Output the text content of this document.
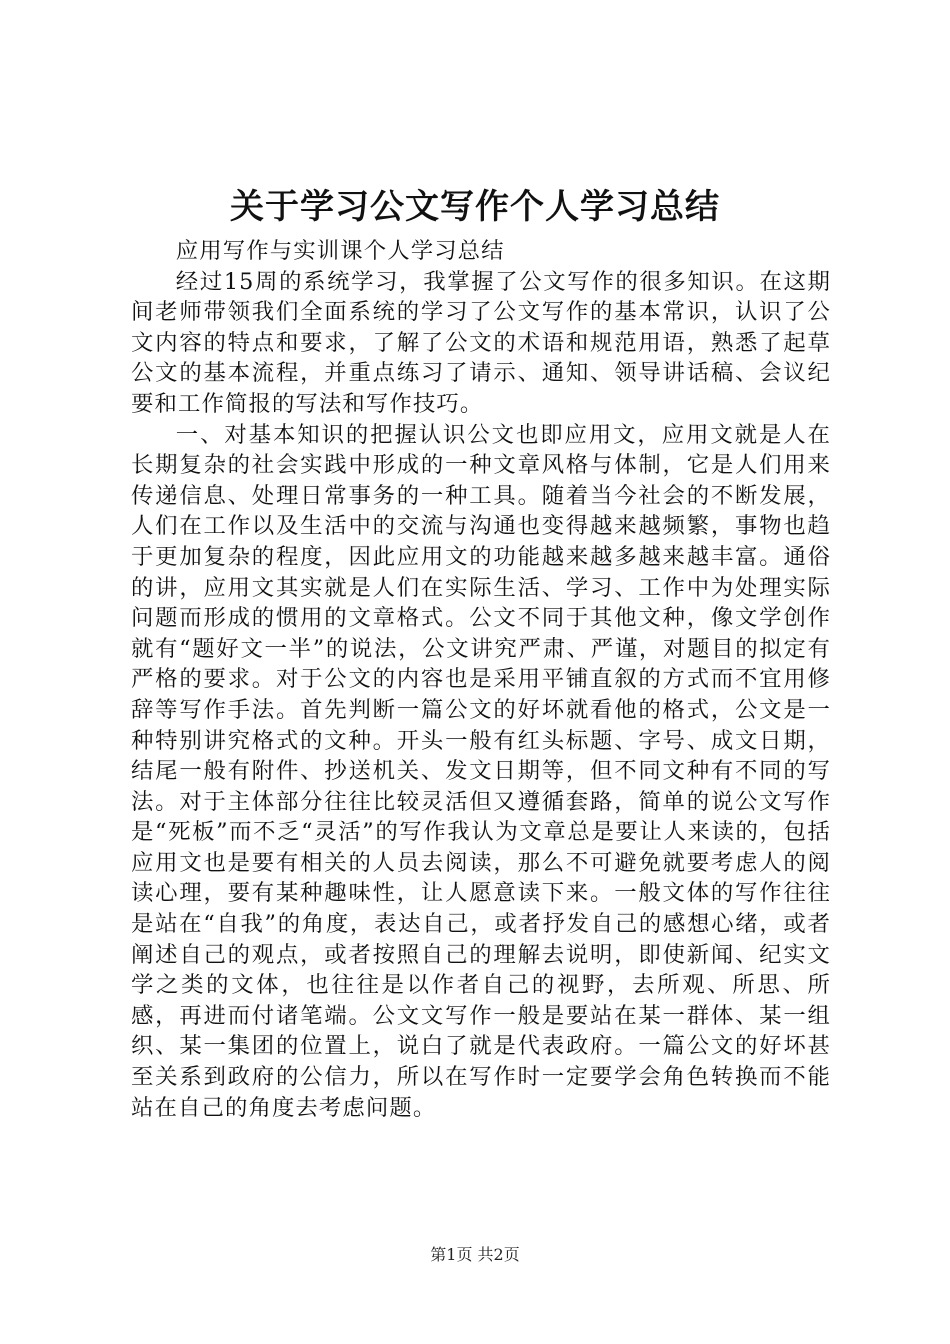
关于学习公文写作个人学习总结

应用写作与实训课个人学习总结

经过15周的系统学习，我掌握了公文写作的很多知识。在这期间老师带领我们全面系统的学习了公文写作的基本常识，认识了公文内容的特点和要求，了解了公文的术语和规范用语，熟悉了起草公文的基本流程，并重点练习了请示、通知、领导讲话稿、会议纪要和工作简报的写法和写作技巧。

一、对基本知识的把握认识公文也即应用文，应用文就是人在长期复杂的社会实践中形成的一种文章风格与体制，它是人们用来传递信息、处理日常事务的一种工具。随着当今社会的不断发展，人们在工作以及生活中的交流与沟通也变得越来越频繁，事物也趋于更加复杂的程度，因此应用文的功能越来越多越来越丰富。通俗的讲，应用文其实就是人们在实际生活、学习、工作中为处理实际问题而形成的惯用的文章格式。公文不同于其他文种，像文学创作就有“题好文一半”的说法，公文讲究严肃、严谨，对题目的拟定有严格的要求。对于公文的内容也是采用平铺直叙的方式而不宜用修辞等写作手法。首先判断一篇公文的好坏就看他的格式，公文是一种特别讲究格式的文种。开头一般有红头标题、字号、成文日期，结尾一般有附件、抄送机关、发文日期等，但不同文种有不同的写法。对于主体部分往往比较灵活但又遵循套路，简单的说公文写作是“死板”而不乏“灵活”的写作我认为文章总是要让人来读的，包括应用文也是要有相关的人员去阅读，那么不可避免就要考虑人的阅读心理，要有某种趣味性，让人愿意读下来。一般文体的写作往往是站在“自我”的角度，表达自己，或者抒发自己的感想心绪，或者阐述自己的观点，或者按照自己的理解去说明，即使新闻、纪实文学之类的文体，也往往是以作者自己的视野，去所观、所思、所感，再进而付诸笔端。公文文写作一般是要站在某一群体、某一组织、某一集团的位置上，说白了就是代表政府。一篇公文的好坏甚至关系到政府的公信力，所以在写作时一定要学会角色转换而不能站在自己的角度去考虑问题。

第1页 共2页
